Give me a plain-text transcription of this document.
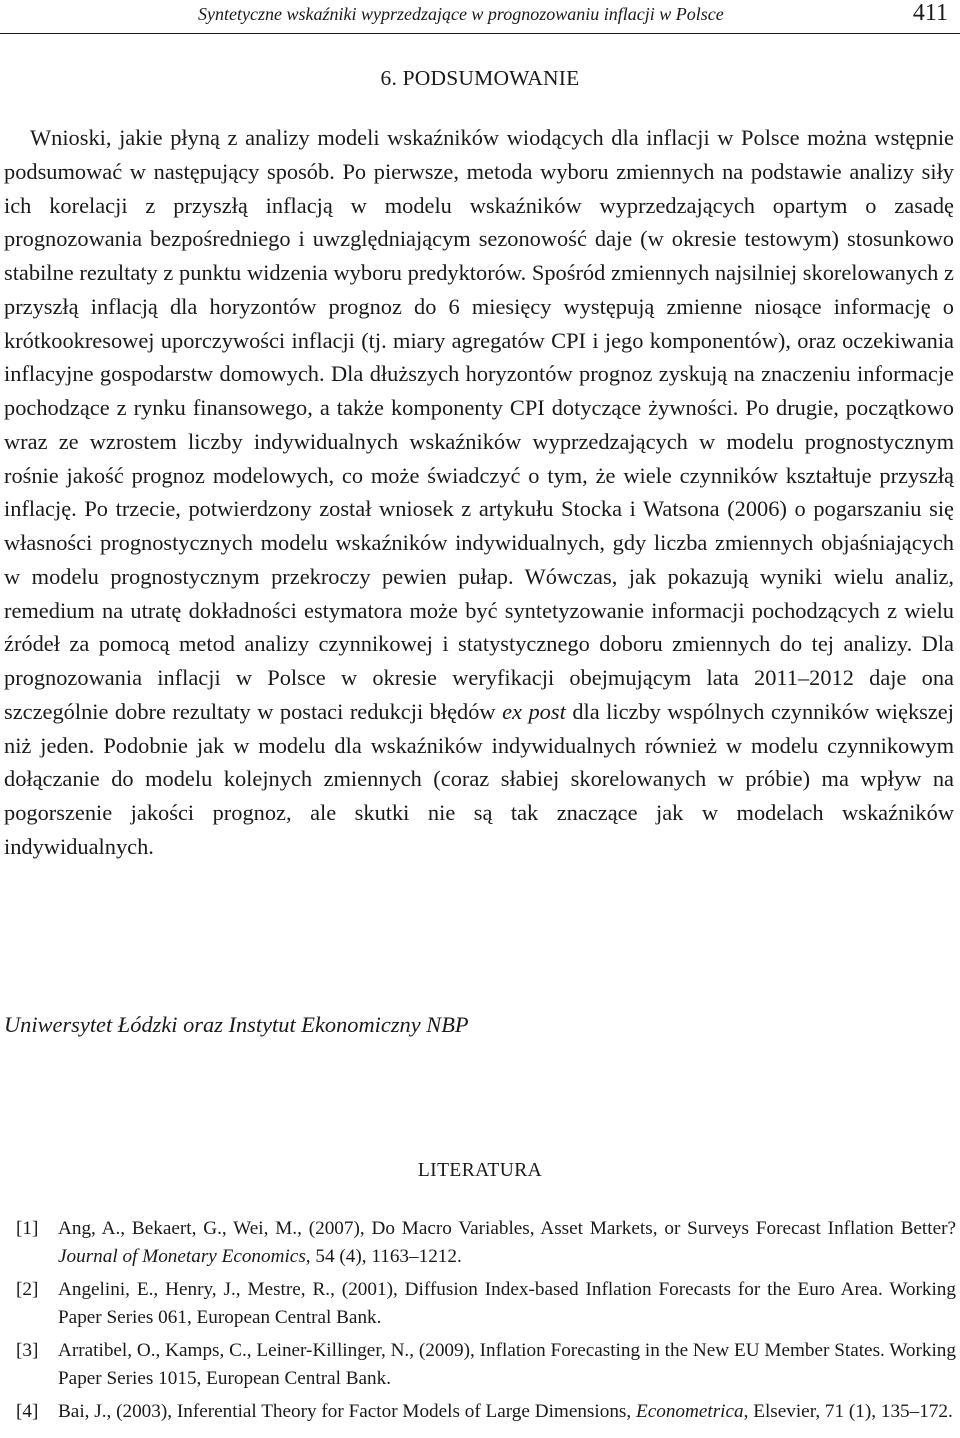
Syntetyczne wskaźniki wyprzedzające w prognozowaniu inflacji w Polsce	411
6. PODSUMOWANIE

Wnioski, jakie płyną z analizy modeli wskaźników wiodących dla inflacji w Polsce można wstępnie podsumować w następujący sposób. Po pierwsze, metoda wyboru zmiennych na podstawie analizy siły ich korelacji z przyszłą inflacją w modelu wskaźników wyprzedzających opartym o zasadę prognozowania bezpośredniego i uwzględniającym sezonowość daje (w okresie testowym) stosunkowo stabilne rezultaty z punktu widzenia wyboru predyktorów. Spośród zmiennych najsilniej skorelowanych z przyszłą inflacją dla horyzontów prognoz do 6 miesięcy występują zmienne niosące informację o krótkookresowej uporczywości inflacji (tj. miary agregatów CPI i jego komponentów), oraz oczekiwania inflacyjne gospodarstw domowych. Dla dłuższych horyzontów prognoz zyskują na znaczeniu informacje pochodzące z rynku finansowego, a także komponenty CPI dotyczące żywności. Po drugie, początkowo wraz ze wzrostem liczby indywidualnych wskaźników wyprzedzających w modelu prognostycznym rośnie jakość prognoz modelowych, co może świadczyć o tym, że wiele czynników kształtuje przyszłą inflację. Po trzecie, potwierdzony został wniosek z artykułu Stocka i Watsona (2006) o pogarszaniu się własności prognostycznych modelu wskaźników indywidualnych, gdy liczba zmiennych objaśniających w modelu prognostycznym przekroczy pewien pułap. Wówczas, jak pokazują wyniki wielu analiz, remedium na utratę dokładności estymatora może być syntetyzowanie informacji pochodzących z wielu źródeł za pomocą metod analizy czynnikowej i statystycznego doboru zmiennych do tej analizy. Dla prognozowania inflacji w Polsce w okresie weryfikacji obejmującym lata 2011–2012 daje ona szczególnie dobre rezultaty w postaci redukcji błędów ex post dla liczby wspólnych czynników większej niż jeden. Podobnie jak w modelu dla wskaźników indywidualnych również w modelu czynnikowym dołączanie do modelu kolejnych zmiennych (coraz słabiej skorelowanych w próbie) ma wpływ na pogorszenie jakości prognoz, ale skutki nie są tak znaczące jak w modelach wskaźników indywidualnych.

Uniwersytet Łódzki oraz Instytut Ekonomiczny NBP
LITERATURA
[1] Ang, A., Bekaert, G., Wei, M., (2007), Do Macro Variables, Asset Markets, or Surveys Forecast Inflation Better? Journal of Monetary Economics, 54 (4), 1163–1212.
[2] Angelini, E., Henry, J., Mestre, R., (2001), Diffusion Index-based Inflation Forecasts for the Euro Area. Working Paper Series 061, European Central Bank.
[3] Arratibel, O., Kamps, C., Leiner-Killinger, N., (2009), Inflation Forecasting in the New EU Member States. Working Paper Series 1015, European Central Bank.
[4] Bai, J., (2003), Inferential Theory for Factor Models of Large Dimensions, Econometrica, Elsevier, 71 (1), 135–172.
